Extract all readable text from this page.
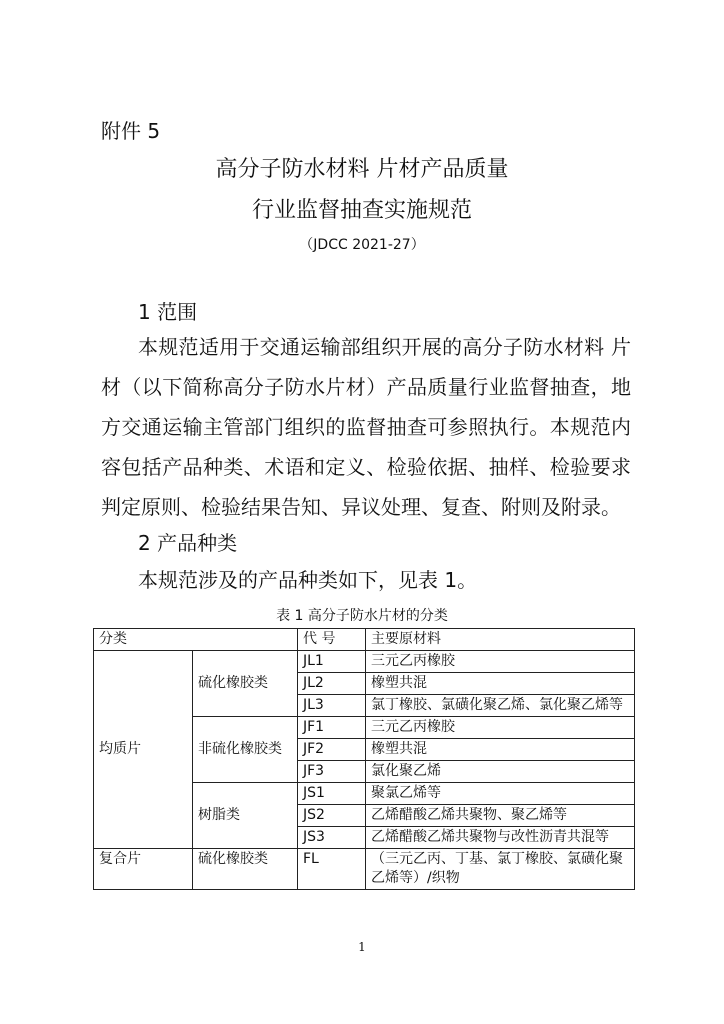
附件 5
高分子防水材料 片材产品质量
行业监督抽查实施规范
（JDCC 2021-27）
1 范围

本规范适用于交通运输部组织开展的高分子防水材料 片材（以下简称高分子防水片材）产品质量行业监督抽查，地方交通运输主管部门组织的监督抽查可参照执行。本规范内容包括产品种类、术语和定义、检验依据、抽样、检验要求判定原则、检验结果告知、异议处理、复查、附则及附录。

2 产品种类
本规范涉及的产品种类如下，见表 1。
表 1 高分子防水片材的分类
分类		代 号	主要原材料
均质片	硫化橡胶类	JL1	三元乙丙橡胶
		JL2	橡塑共混
		JL3	氯丁橡胶、氯磺化聚乙烯、氯化聚乙烯等
	非硫化橡胶类	JF1	三元乙丙橡胶
		JF2	橡塑共混
		JF3	氯化聚乙烯
	树脂类	JS1	聚氯乙烯等
		JS2	乙烯醋酸乙烯共聚物、聚乙烯等
		JS3	乙烯醋酸乙烯共聚物与改性沥青共混等
复合片	硫化橡胶类	FL	（三元乙丙、丁基、氯丁橡胶、氯磺化聚乙烯等）/织物
1
